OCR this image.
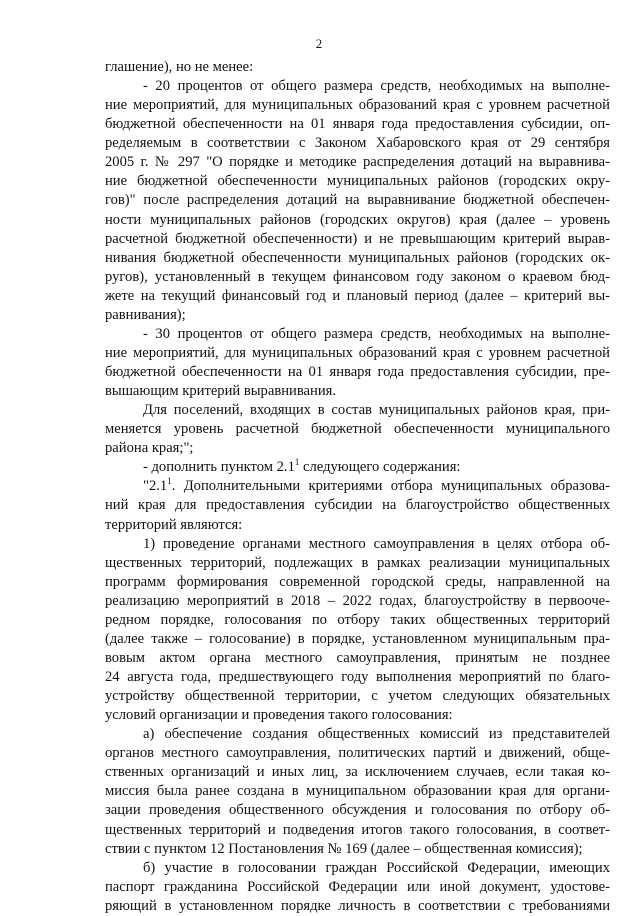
2
глашение), но не менее:
- 20 процентов от общего размера средств, необходимых на выполне-
ние мероприятий, для муниципальных образований края с уровнем расчетной
бюджетной обеспеченности на 01 января года предоставления субсидии, оп-
ределяемым в соответствии с Законом Хабаровского края от 29 сентября
2005 г. № 297 "О порядке и методике распределения дотаций на выравнива-
ние бюджетной обеспеченности муниципальных районов (городских окру-
гов)" после распределения дотаций на выравнивание бюджетной обеспечен-
ности муниципальных районов (городских округов) края (далее – уровень
расчетной бюджетной обеспеченности) и не превышающим критерий вырав-
нивания бюджетной обеспеченности муниципальных районов (городских ок-
ругов), установленный в текущем финансовом году законом о краевом бюд-
жете на текущий финансовый год и плановый период (далее – критерий вы-
равнивания);
- 30 процентов от общего размера средств, необходимых на выполне-
ние мероприятий, для муниципальных образований края с уровнем расчетной
бюджетной обеспеченности на 01 января года предоставления субсидии, пре-
вышающим критерий выравнивания.
Для поселений, входящих в состав муниципальных районов края, при-
меняется уровень расчетной бюджетной обеспеченности муниципального
района края;";
- дополнить пунктом $2.1^1$ следующего содержания:
"$2.1^1$. Дополнительными критериями отбора муниципальных образова-
ний края для предоставления субсидии на благоустройство общественных
территорий являются:
1) проведение органами местного самоуправления в целях отбора об-
щественных территорий, подлежащих в рамках реализации муниципальных
программ формирования современной городской среды, направленной на
реализацию мероприятий в 2018 – 2022 годах, благоустройству в первооче-
редном порядке, голосования по отбору таких общественных территорий
(далее также – голосование) в порядке, установленном муниципальным пра-
вовым актом органа местного самоуправления, принятым не позднее
24 августа года, предшествующего году выполнения мероприятий по благо-
устройству общественной территории, с учетом следующих обязательных
условий организации и проведения такого голосования:
а) обеспечение создания общественных комиссий из представителей
органов местного самоуправления, политических партий и движений, обще-
ственных организаций и иных лиц, за исключением случаев, если такая ко-
миссия была ранее создана в муниципальном образовании края для органи-
зации проведения общественного обсуждения и голосования по отбору об-
щественных территорий и подведения итогов такого голосования, в соответ-
ствии с пунктом 12 Постановления № 169 (далее – общественная комиссия);
б) участие в голосовании граждан Российской Федерации, имеющих
паспорт гражданина Российской Федерации или иной документ, удостове-
ряющий в установленном порядке личность в соответствии с требованиями
